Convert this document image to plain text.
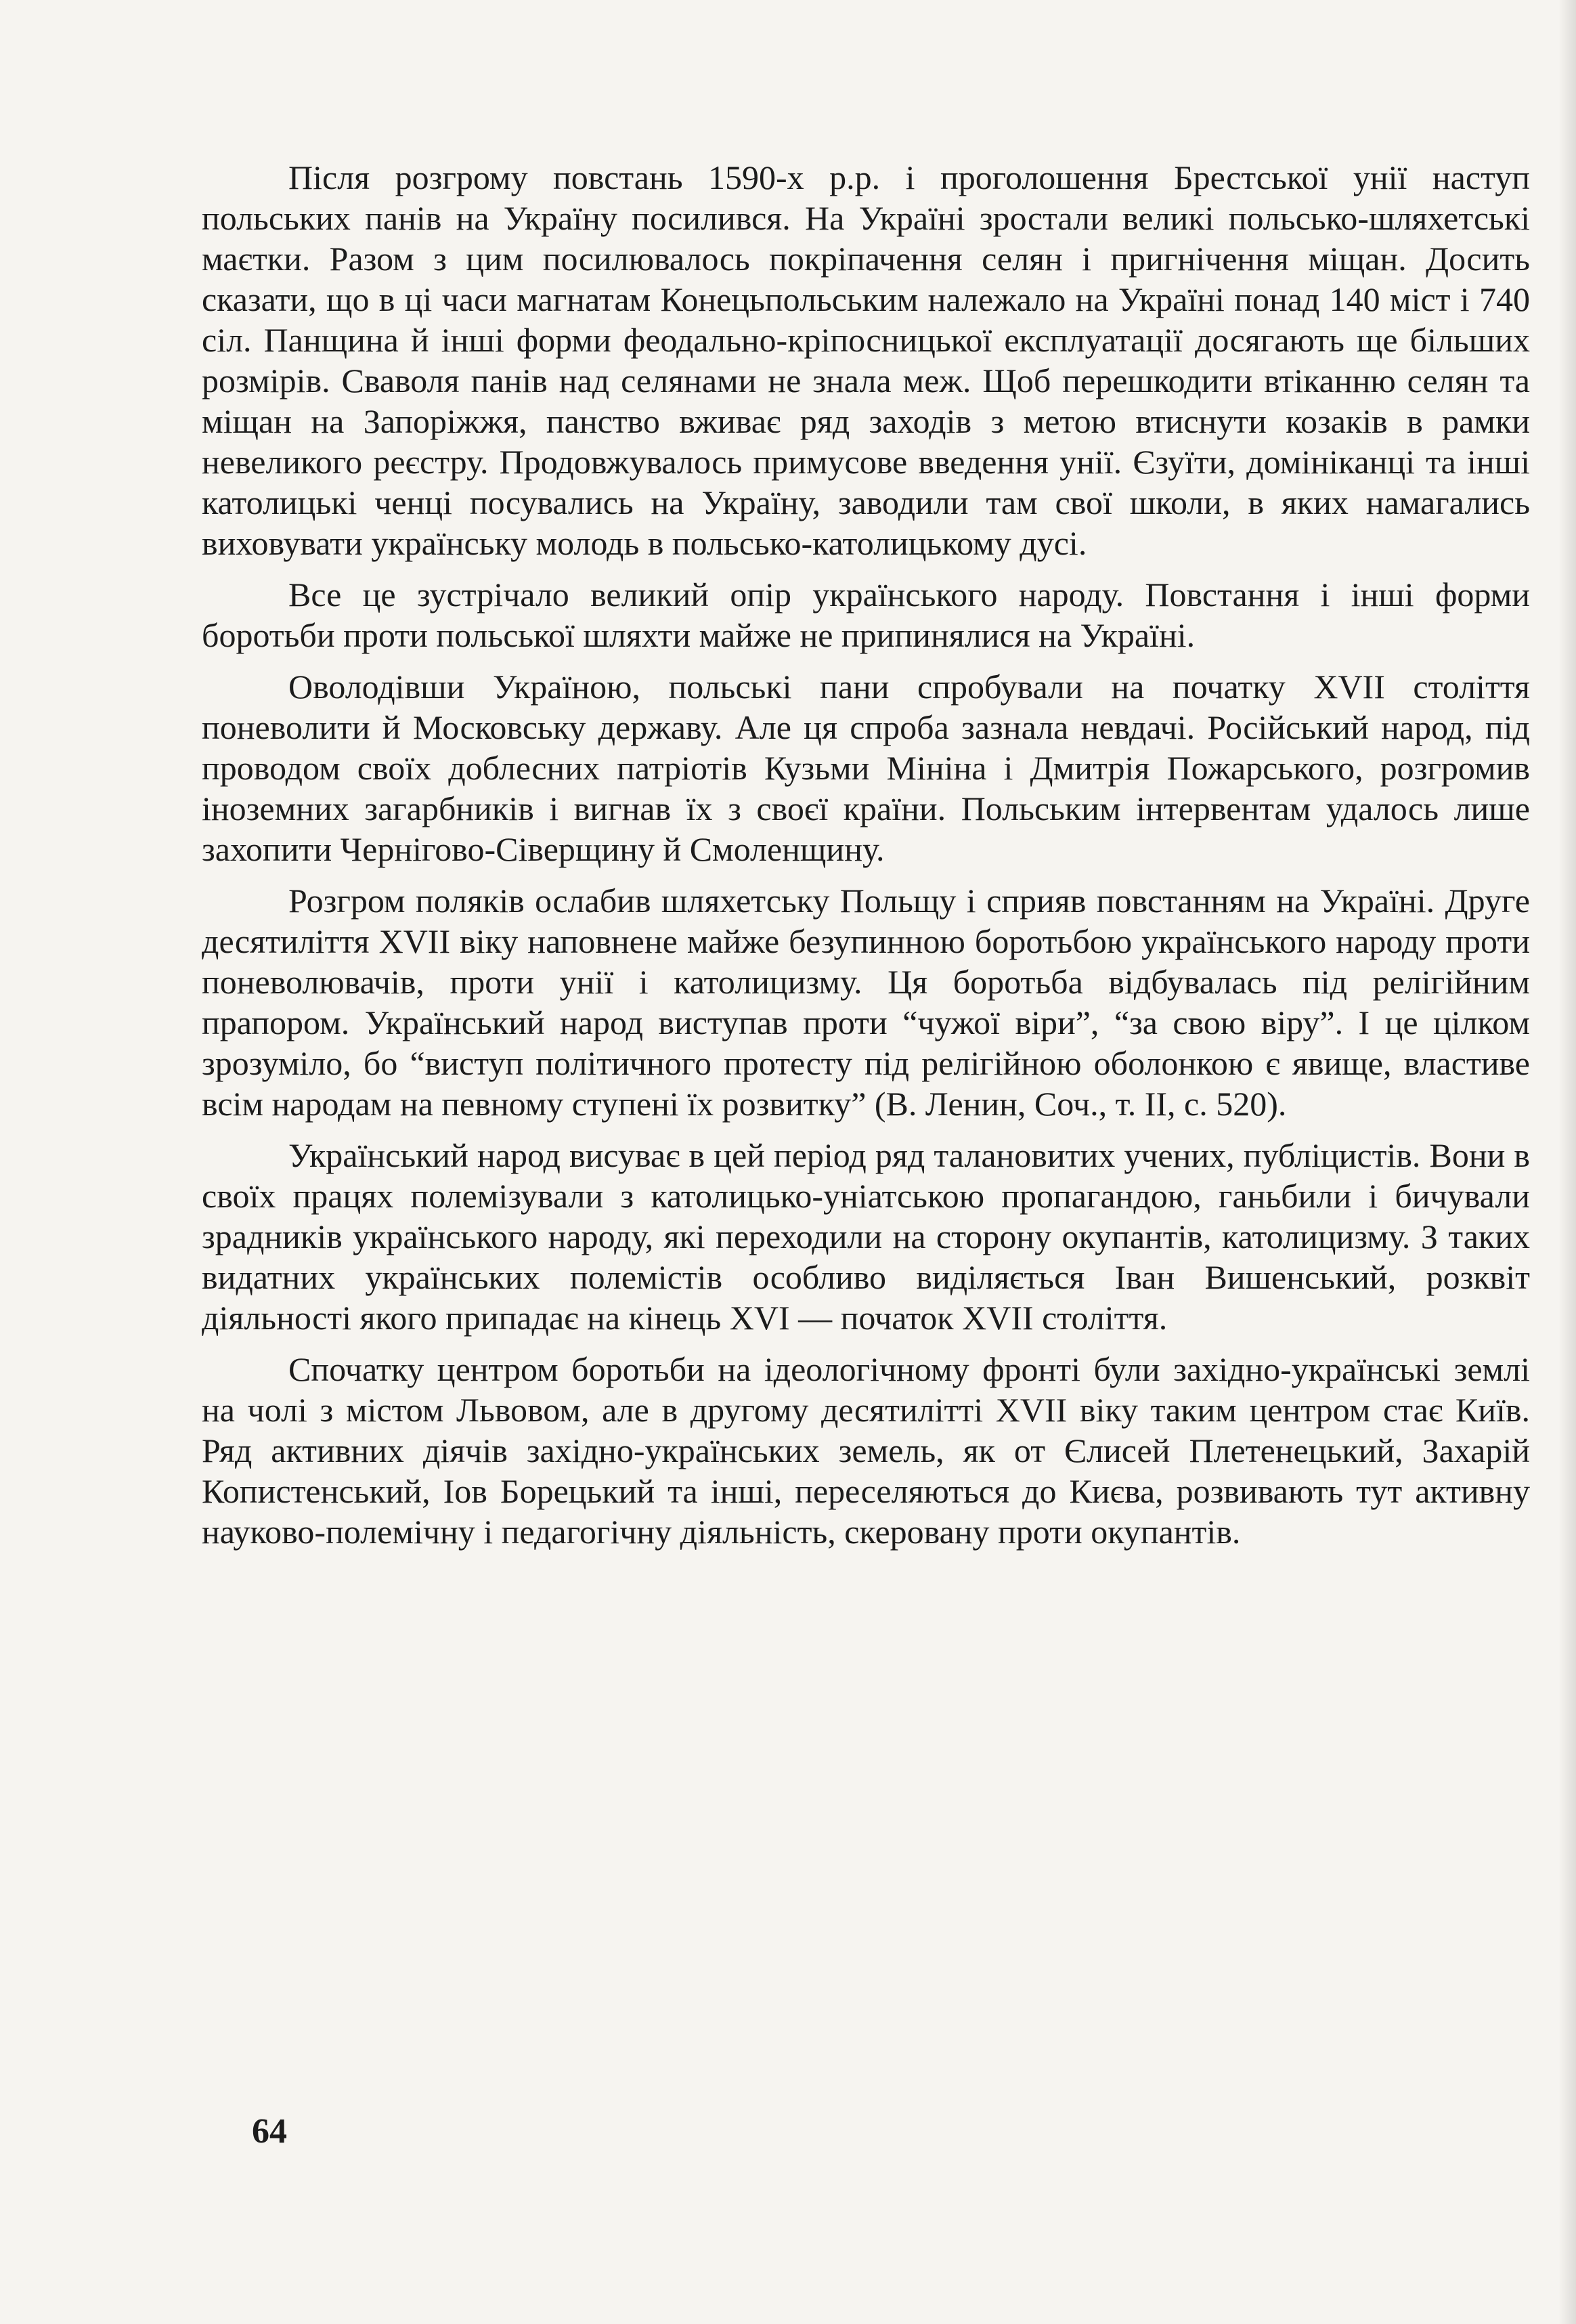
Після розгрому повстань 1590-х р.р. і проголошення Брестської унії наступ польських панів на Україну посилився. На Україні зростали великі польсько-шляхетські маєтки. Разом з цим посилювалось покріпачення селян і пригнічення міщан. Досить сказати, що в ці часи магнатам Конецьпольським належало на Україні понад 140 міст і 740 сіл. Панщина й інші форми феодально-кріпосницької експлуатації досягають ще більших розмірів. Сваволя панів над селянами не знала меж. Щоб перешкодити втіканню селян та міщан на Запоріжжя, панство вживає ряд заходів з метою втиснути козаків в рамки невеликого реєстру. Продовжувалось примусове введення унії. Єзуїти, домініканці та інші католицькі ченці посувались на Україну, заводили там свої школи, в яких намагались виховувати українську молодь в польсько-католицькому дусі.

Все це зустрічало великий опір українського народу. Повстання і інші форми боротьби проти польської шляхти майже не припинялися на Україні.

Оволодівши Україною, польські пани спробували на початку XVII століття поневолити й Московську державу. Але ця спроба зазнала невдачі. Російський народ, під проводом своїх доблесних патріотів Кузьми Мініна і Дмитрія Пожарського, розгромив іноземних загарбників і вигнав їх з своєї країни. Польським інтервентам удалось лише захопити Чернігово-Сіверщину й Смоленщину.

Розгром поляків ослабив шляхетську Польщу і сприяв повстанням на Україні. Друге десятиліття XVII віку наповнене майже безупинною боротьбою українського народу проти поневолювачів, проти унії і католицизму. Ця боротьба відбувалась під релігійним прапором. Український народ виступав проти “чужої віри”, “за свою віру”. І це цілком зрозуміло, бо “виступ політичного протесту під релігійною оболонкою є явище, властиве всім народам на певному ступені їх розвитку” (В. Ленин, Соч., т. II, с. 520).

Український народ висуває в цей період ряд талановитих учених, публіцистів. Вони в своїх працях полемізували з католицько-уніатською пропагандою, ганьбили і бичували зрадників українського народу, які переходили на сторону окупантів, католицизму. З таких видатних українських полемістів особливо виділяється Іван Вишенський, розквіт діяльності якого припадає на кінець XVI — початок XVII століття.

Спочатку центром боротьби на ідеологічному фронті були західно-українські землі на чолі з містом Львовом, але в другому десятилітті XVII віку таким центром стає Київ. Ряд активних діячів західно-українських земель, як от Єлисей Плетенецький, Захарій Копистенський, Іов Борецький та інші, переселяються до Києва, розвивають тут активну науково-полемічну і педагогічну діяльність, скеровану проти окупантів.

64
